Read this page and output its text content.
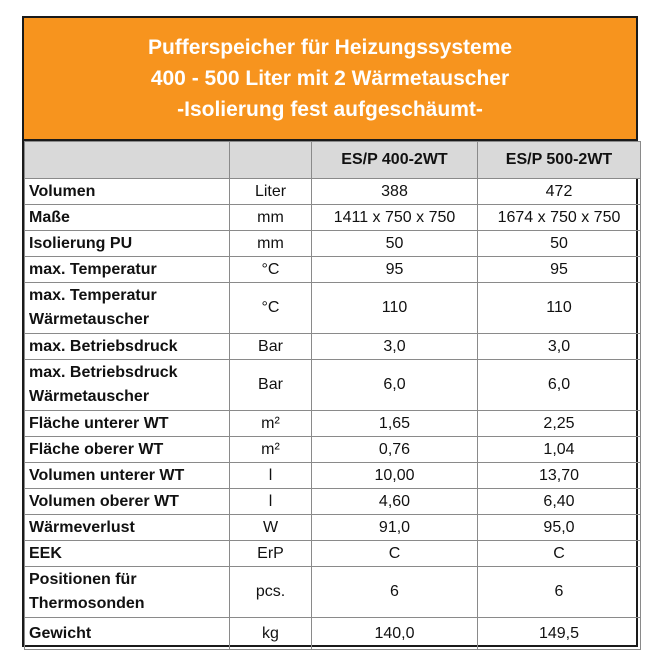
Pufferspeicher für Heizungssysteme
400 - 500 Liter mit 2 Wärmetauscher
-Isolierung fest aufgeschäumt-
		ES/P 400-2WT	ES/P 500-2WT
Volumen	Liter	388	472
Maße	mm	1411 x 750 x 750	1674 x 750 x 750
Isolierung PU	mm	50	50
max. Temperatur	°C	95	95
max. Temperatur Wärmetauscher	°C	110	110
max. Betriebsdruck	Bar	3,0	3,0
max. Betriebsdruck Wärmetauscher	Bar	6,0	6,0
Fläche unterer WT	m²	1,65	2,25
Fläche oberer WT	m²	0,76	1,04
Volumen unterer WT	l	10,00	13,70
Volumen oberer WT	l	4,60	6,40
Wärmeverlust	W	91,0	95,0
EEK	ErP	C	C
Positionen für Thermosonden	pcs.	6	6
Gewicht	kg	140,0	149,5
